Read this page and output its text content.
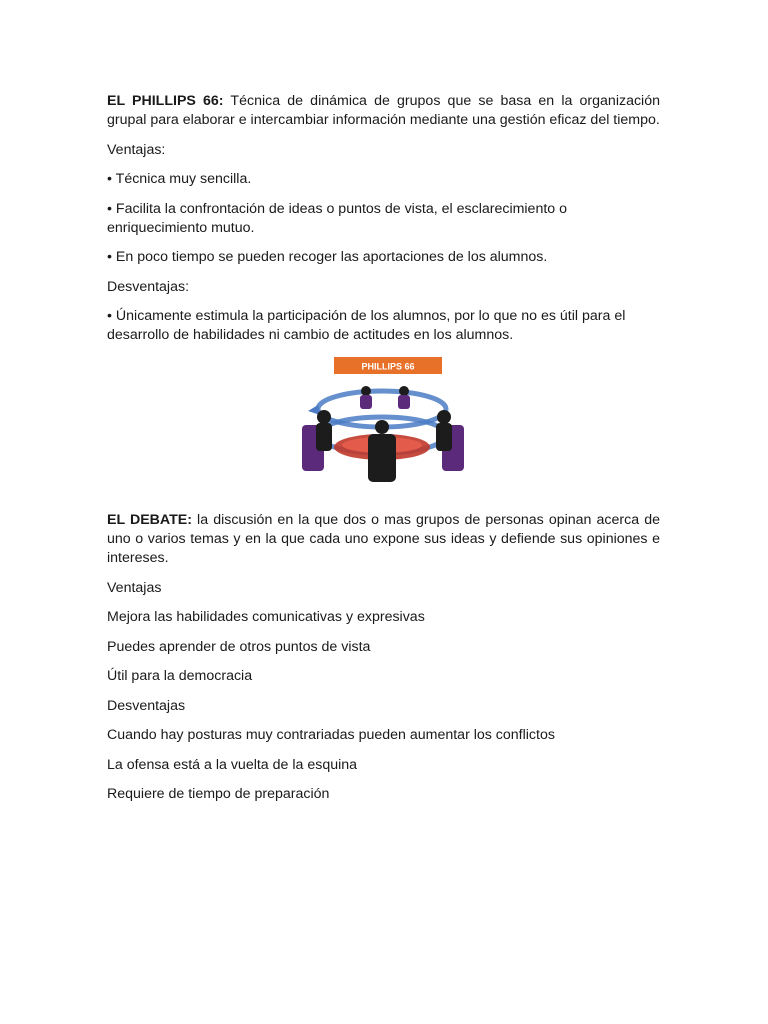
EL PHILLIPS 66: Técnica de dinámica de grupos que se basa en la organización grupal para elaborar e intercambiar información mediante una gestión eficaz del tiempo.

Ventajas:
• Técnica muy sencilla.
• Facilita la confrontación de ideas o puntos de vista, el esclarecimiento o enriquecimiento mutuo.
• En poco tiempo se pueden recoger las aportaciones de los alumnos.
Desventajas:
• Únicamente estimula la participación de los alumnos, por lo que no es útil para el desarrollo de habilidades ni cambio de actitudes en los alumnos.
PHILLIPS 66

EL DEBATE: la discusión en la que dos o mas grupos de personas opinan acerca de uno o varios temas y en la que cada uno expone sus ideas y defiende sus opiniones e intereses.

Ventajas
Mejora las habilidades comunicativas y expresivas
Puedes aprender de otros puntos de vista
Útil para la democracia
Desventajas
Cuando hay posturas muy contrariadas pueden aumentar los conflictos
La ofensa está a la vuelta de la esquina
Requiere de tiempo de preparación
